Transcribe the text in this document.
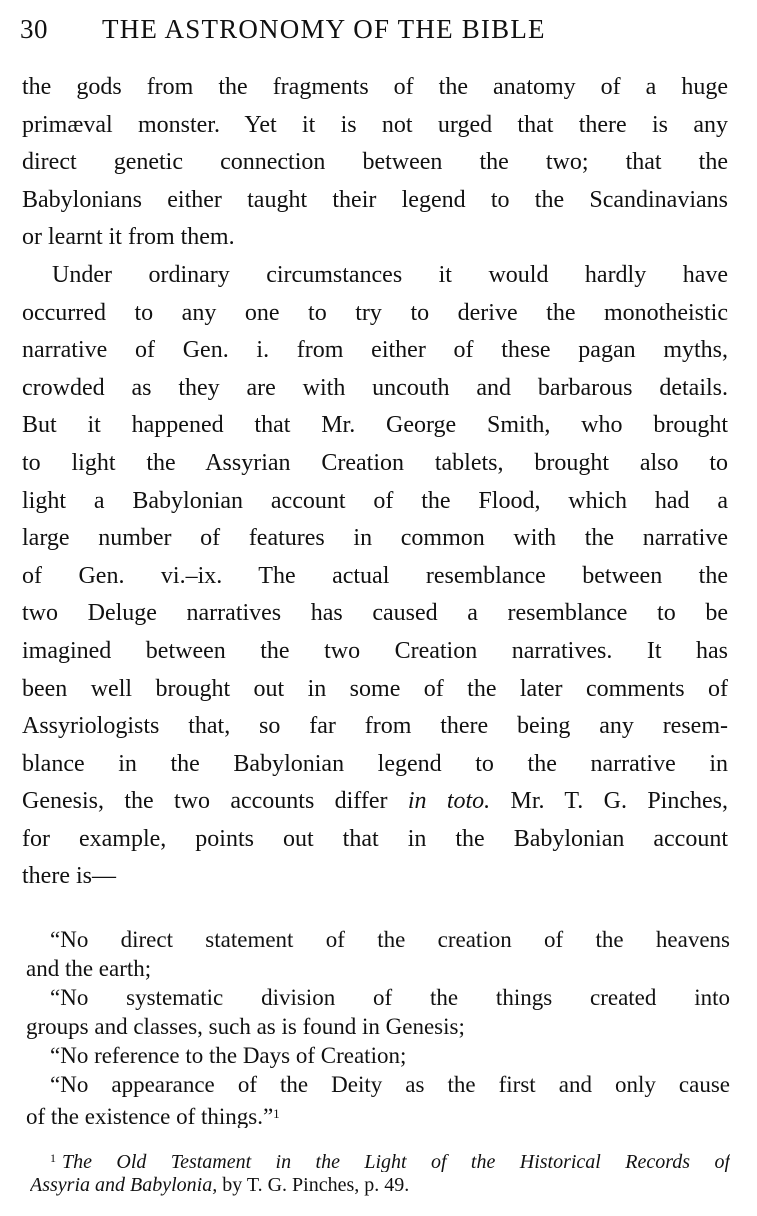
30 THE ASTRONOMY OF THE BIBLE
the gods from the fragments of the anatomy of a huge
primæval monster. Yet it is not urged that there is any
direct genetic connection between the two; that the
Babylonians either taught their legend to the Scandinavians
or learnt it from them.
Under ordinary circumstances it would hardly have
occurred to any one to try to derive the monotheistic
narrative of Gen. i. from either of these pagan myths,
crowded as they are with uncouth and barbarous details.
But it happened that Mr. George Smith, who brought
to light the Assyrian Creation tablets, brought also to
light a Babylonian account of the Flood, which had a
large number of features in common with the narrative
of Gen. vi.–ix. The actual resemblance between the
two Deluge narratives has caused a resemblance to be
imagined between the two Creation narratives. It has
been well brought out in some of the later comments of
Assyriologists that, so far from there being any resem-
blance in the Babylonian legend to the narrative in
Genesis, the two accounts differ in toto. Mr. T. G. Pinches,
for example, points out that in the Babylonian account
there is—
“No direct statement of the creation of the heavens
and the earth;
“No systematic division of the things created into
groups and classes, such as is found in Genesis;
“No reference to the Days of Creation;
“No appearance of the Deity as the first and only cause
of the existence of things.”$^1$
$^1$ The Old Testament in the Light of the Historical Records of
Assyria and Babylonia, by T. G. Pinches, p. 49.
